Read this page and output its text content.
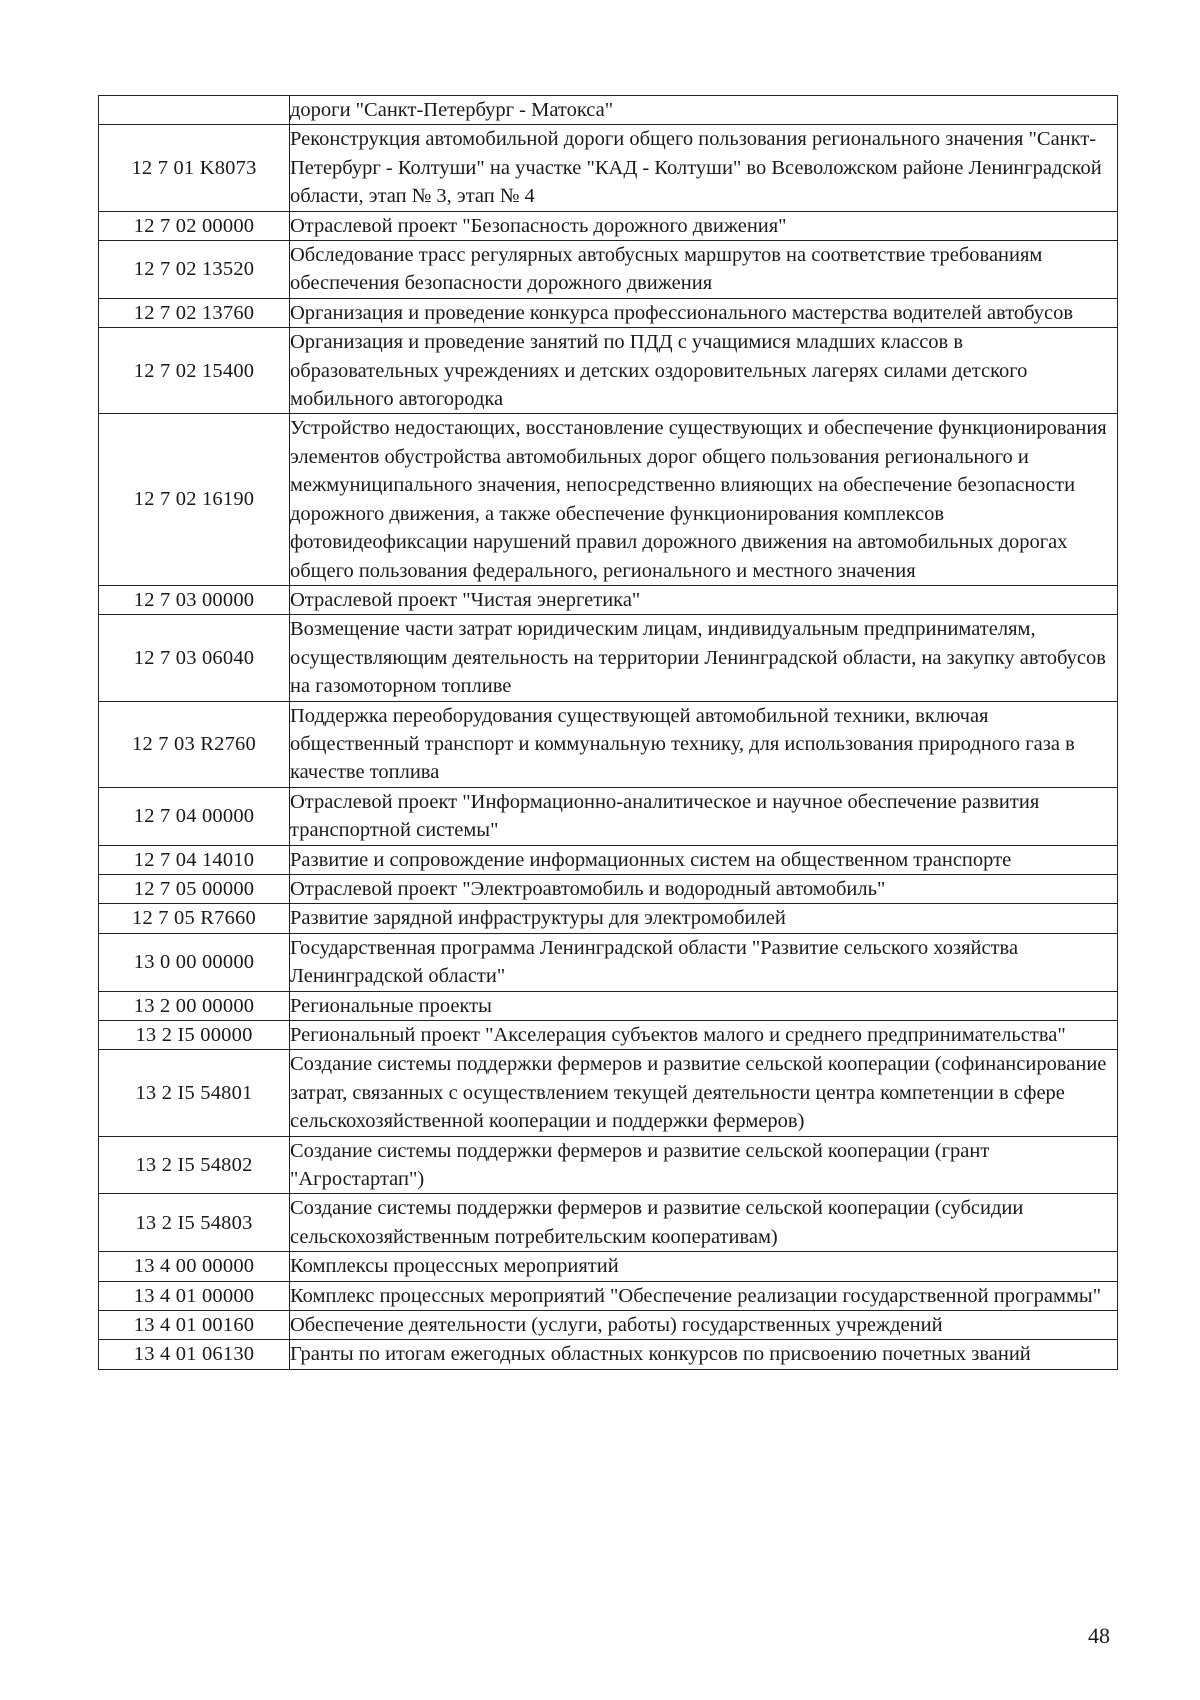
	дороги "Санкт-Петербург - Матокса"
12 7 01 K8073	Реконструкция автомобильной дороги общего пользования регионального значения "Санкт-Петербург - Колтуши" на участке "КАД - Колтуши" во Всеволожском районе Ленинградской области, этап № 3, этап № 4
12 7 02 00000	Отраслевой проект "Безопасность дорожного движения"
12 7 02 13520	Обследование трасс регулярных автобусных маршрутов на соответствие требованиям обеспечения безопасности дорожного движения
12 7 02 13760	Организация и проведение конкурса профессионального мастерства водителей автобусов
12 7 02 15400	Организация и проведение занятий по ПДД с учащимися младших классов в образовательных учреждениях и детских оздоровительных лагерях силами детского мобильного автогородка
12 7 02 16190	Устройство недостающих, восстановление существующих и обеспечение функционирования элементов обустройства автомобильных дорог общего пользования регионального и межмуниципального значения, непосредственно влияющих на обеспечение безопасности дорожного движения, а также обеспечение функционирования комплексов фотовидеофиксации нарушений правил дорожного движения на автомобильных дорогах общего пользования федерального, регионального и местного значения
12 7 03 00000	Отраслевой проект "Чистая энергетика"
12 7 03 06040	Возмещение части затрат юридическим лицам, индивидуальным предпринимателям, осуществляющим деятельность на территории Ленинградской области, на закупку автобусов на газомоторном топливе
12 7 03 R2760	Поддержка переоборудования существующей автомобильной техники, включая общественный транспорт и коммунальную технику, для использования природного газа в качестве топлива
12 7 04 00000	Отраслевой проект "Информационно-аналитическое и научное обеспечение развития транспортной системы"
12 7 04 14010	Развитие и сопровождение информационных систем на общественном транспорте
12 7 05 00000	Отраслевой проект "Электроавтомобиль и водородный автомобиль"
12 7 05 R7660	Развитие зарядной инфраструктуры для электромобилей
13 0 00 00000	Государственная программа Ленинградской области "Развитие сельского хозяйства Ленинградской области"
13 2 00 00000	Региональные проекты
13 2 I5 00000	Региональный проект "Акселерация субъектов малого и среднего предпринимательства"
13 2 I5 54801	Создание системы поддержки фермеров и развитие сельской кооперации (софинансирование затрат, связанных с осуществлением текущей деятельности центра компетенции в сфере сельскохозяйственной кооперации и поддержки фермеров)
13 2 I5 54802	Создание системы поддержки фермеров и развитие сельской кооперации (грант "Агростартап")
13 2 I5 54803	Создание системы поддержки фермеров и развитие сельской кооперации (субсидии сельскохозяйственным потребительским кооперативам)
13 4 00 00000	Комплексы процессных мероприятий
13 4 01 00000	Комплекс процессных мероприятий "Обеспечение реализации государственной программы"
13 4 01 00160	Обеспечение деятельности (услуги, работы) государственных учреждений
13 4 01 06130	Гранты по итогам ежегодных областных конкурсов по присвоению почетных званий
48
